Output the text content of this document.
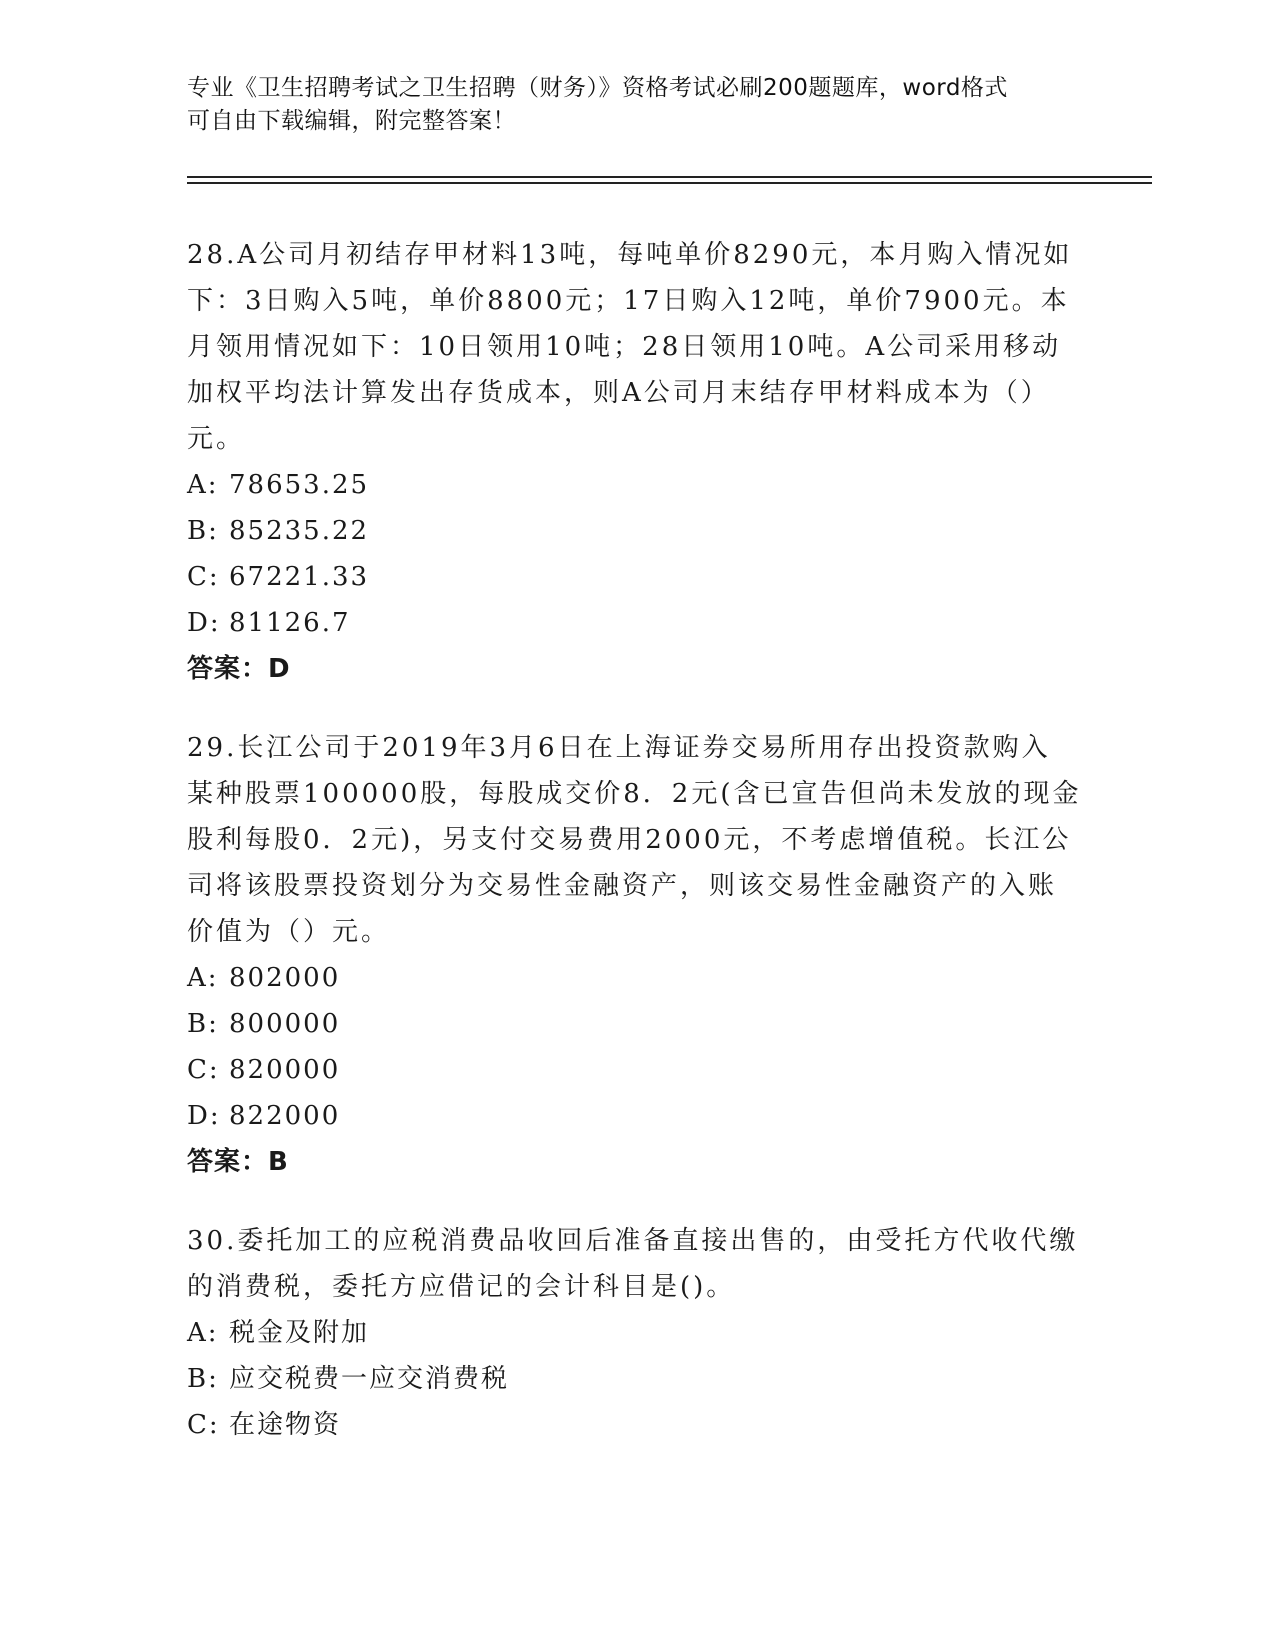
专业《卫生招聘考试之卫生招聘（财务）》资格考试必刷200题题库，word格式
可自由下载编辑，附完整答案！

28.A公司月初结存甲材料13吨，每吨单价8290元，本月购入情况如
下：3日购入5吨，单价8800元；17日购入12吨，单价7900元。本
月领用情况如下：10日领用10吨；28日领用10吨。A公司采用移动
加权平均法计算发出存货成本，则A公司月末结存甲材料成本为（）
元。

A: 78653.25
B: 85235.22
C: 67221.33
D: 81126.7
答案：D

29.长江公司于2019年3月6日在上海证券交易所用存出投资款购入
某种股票100000股，每股成交价8．2元(含已宣告但尚未发放的现金
股利每股0．2元)，另支付交易费用2000元，不考虑增值税。长江公
司将该股票投资划分为交易性金融资产，则该交易性金融资产的入账
价值为（）元。

A: 802000
B: 800000
C: 820000
D: 822000
答案：B

30.委托加工的应税消费品收回后准备直接出售的，由受托方代收代缴
的消费税，委托方应借记的会计科目是()。

A: 税金及附加
B: 应交税费一应交消费税
C: 在途物资
